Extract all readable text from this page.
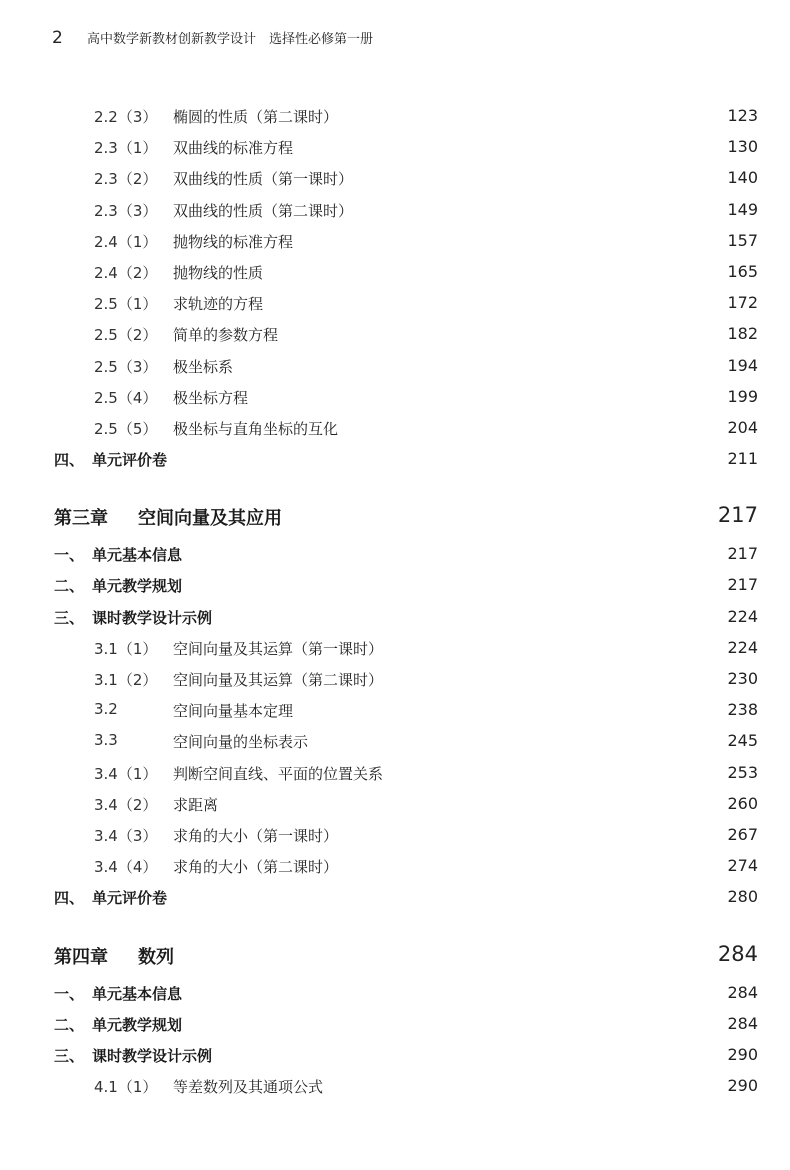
2 高中数学新教材创新教学设计　选择性必修第一册
2.2（3） 椭圆的性质（第二课时）	123
2.3（1） 双曲线的标准方程	130
2.3（2） 双曲线的性质（第一课时）	140
2.3（3） 双曲线的性质（第二课时）	149
2.4（1） 抛物线的标准方程	157
2.4（2） 抛物线的性质	165
2.5（1） 求轨迹的方程	172
2.5（2） 简单的参数方程	182
2.5（3） 极坐标系	194
2.5（4） 极坐标方程	199
2.5（5） 极坐标与直角坐标的互化	204
四、 单元评价卷	211
第三章 空间向量及其应用	217
一、 单元基本信息	217
二、 单元教学规划	217
三、 课时教学设计示例	224
3.1（1） 空间向量及其运算（第一课时）	224
3.1（2） 空间向量及其运算（第二课时）	230
3.2	空间向量基本定理	238
3.3	空间向量的坐标表示	245
3.4（1） 判断空间直线、平面的位置关系	253
3.4（2） 求距离	260
3.4（3） 求角的大小（第一课时）	267
3.4（4） 求角的大小（第二课时）	274
四、 单元评价卷	280
第四章 数列	284
一、 单元基本信息	284
二、 单元教学规划	284
三、 课时教学设计示例	290
4.1（1） 等差数列及其通项公式	290
